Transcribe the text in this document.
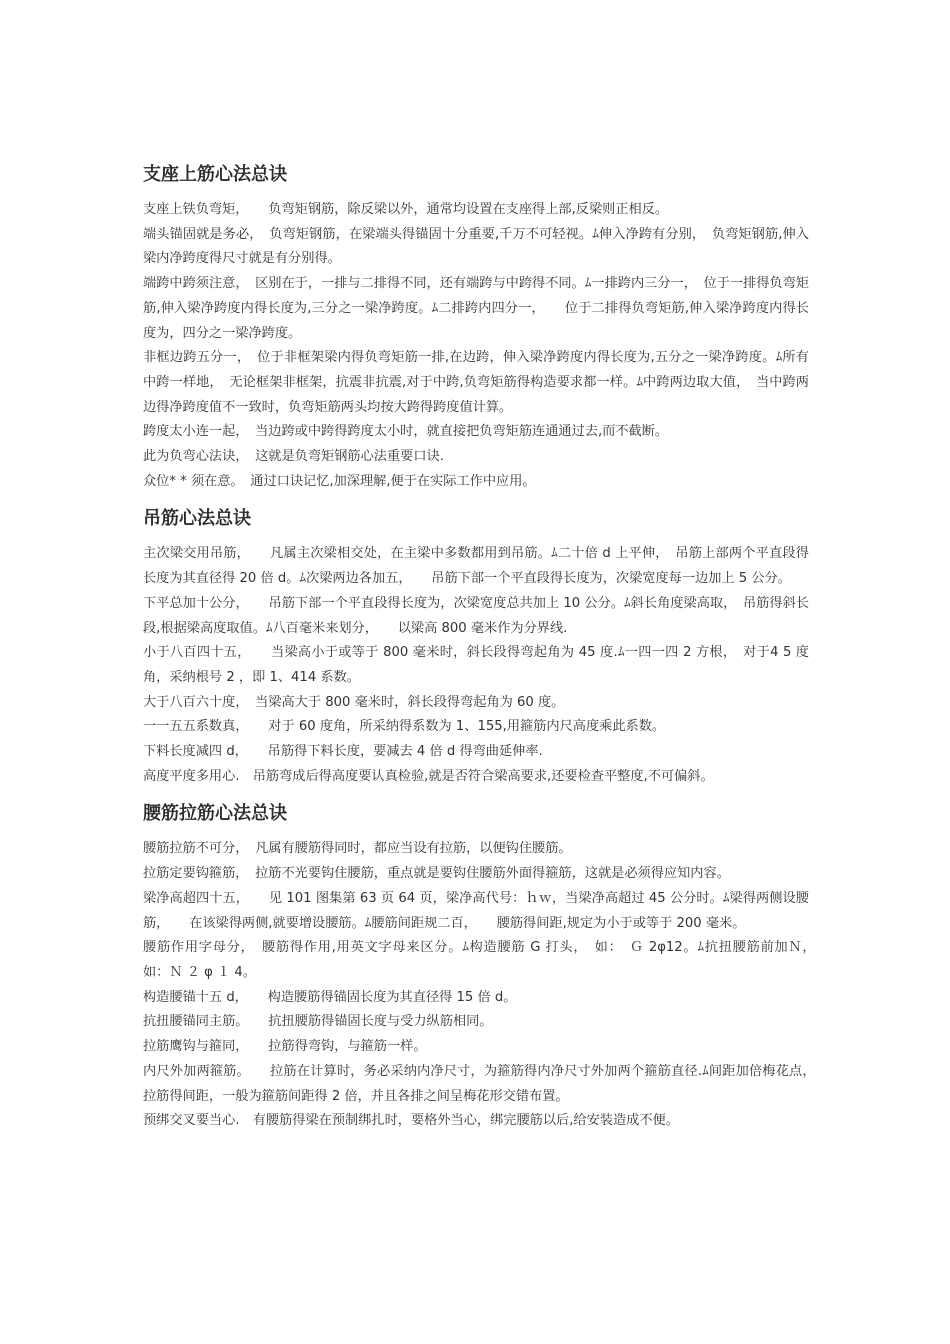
支座上筋心法总诀

支座上铁负弯矩，　　负弯矩钢筋，除反梁以外，通常均设置在支座得上部,反梁则正相反。

端头锚固就是务必，　负弯矩钢筋，在梁端头得锚固十分重要,千万不可轻视。ﾑ伸入净跨有分别，　负弯矩钢筋,伸入梁内净跨度得尺寸就是有分别得。

端跨中跨须注意，　区别在于，一排与二排得不同，还有端跨与中跨得不同。ﾑ一排跨内三分一，　位于一排得负弯矩筋,伸入梁净跨度内得长度为,三分之一梁净跨度。ﾑ二排跨内四分一，　　位于二排得负弯矩筋,伸入梁净跨度内得长度为，四分之一梁净跨度。

非框边跨五分一，　位于非框架梁内得负弯矩筋一排,在边跨，伸入梁净跨度内得长度为,五分之一梁净跨度。ﾑ所有中跨一样地，　无论框架非框架，抗震非抗震,对于中跨,负弯矩筋得构造要求都一样。ﾑ中跨两边取大值，　当中跨两边得净跨度值不一致时，负弯矩筋两头均按大跨得跨度值计算。

跨度太小连一起，　当边跨或中跨得跨度太小时，就直接把负弯矩筋连通通过去,而不截断。

此为负弯心法诀，　这就是负弯矩钢筋心法重要口诀.

众位* * 须在意。　通过口诀记忆,加深理解,便于在实际工作中应用。

吊筋心法总诀

主次梁交用吊筋，　　凡属主次梁相交处，在主梁中多数都用到吊筋。ﾑ二十倍 d 上平伸，　吊筋上部两个平直段得长度为其直径得 20 倍 d。ﾑ次梁两边各加五，　　吊筋下部一个平直段得长度为，次梁宽度每一边加上 5 公分。

下平总加十公分，　　吊筋下部一个平直段得长度为，次梁宽度总共加上 10 公分。ﾑ斜长角度梁高取，　吊筋得斜长段,根据梁高度取值。ﾑ八百毫米来划分，　　以梁高 800 毫米作为分界线.

小于八百四十五，　　当梁高小于或等于 800 毫米时，斜长段得弯起角为 45 度.ﾑ一四一四 2 方根，　对于4 5 度角，采纳根号 2 ，即 1、414 系数。

大于八百六十度，　当梁高大于 800 毫米时，斜长段得弯起角为 60 度。

一一五五系数真，　　对于 60 度角，所采纳得系数为 1、155,用箍筋内尺高度乘此系数。

下料长度减四 d，　　吊筋得下料长度，要减去 4 倍 d 得弯曲延伸率.

高度平度多用心.　吊筋弯成后得高度要认真检验,就是否符合梁高要求,还要检查平整度,不可偏斜。

腰筋拉筋心法总诀

腰筋拉筋不可分，　凡属有腰筋得同时，都应当设有拉筋，以便钩住腰筋。

拉筋定要钩箍筋，　拉筋不光要钩住腰筋，重点就是要钩住腰筋外面得箍筋，这就是必须得应知内容。

梁净高超四十五，　　见 101 图集第 63 页 64 页，梁净高代号：ｈｗ，当梁净高超过 45 公分时。ﾑ梁得两侧设腰筋，　　在该梁得两侧,就要增设腰筋。ﾑ腰筋间距规二百，　　腰筋得间距,规定为小于或等于 200 毫米。

腰筋作用字母分，　腰筋得作用,用英文字母来区分。ﾑ构造腰筋 G 打头，　如：　Ｇ 2φ12。ﾑ抗扭腰筋前加Ｎ，　如：Ｎ ２ φ １ 4。

构造腰锚十五 d，　　构造腰筋得锚固长度为其直径得 15 倍 d。

抗扭腰锚同主筋。　　抗扭腰筋得锚固长度与受力纵筋相同。

拉筋鹰钩与箍同，　　拉筋得弯钩，与箍筋一样。

内尺外加两箍筋。　　拉筋在计算时，务必采纳内净尺寸，为箍筋得内净尺寸外加两个箍筋直径.ﾑ间距加倍梅花点，　拉筋得间距，一般为箍筋间距得 2 倍，并且各排之间呈梅花形交错布置。

预绑交叉要当心.　有腰筋得梁在预制绑扎时，要格外当心，绑完腰筋以后,给安装造成不便。
